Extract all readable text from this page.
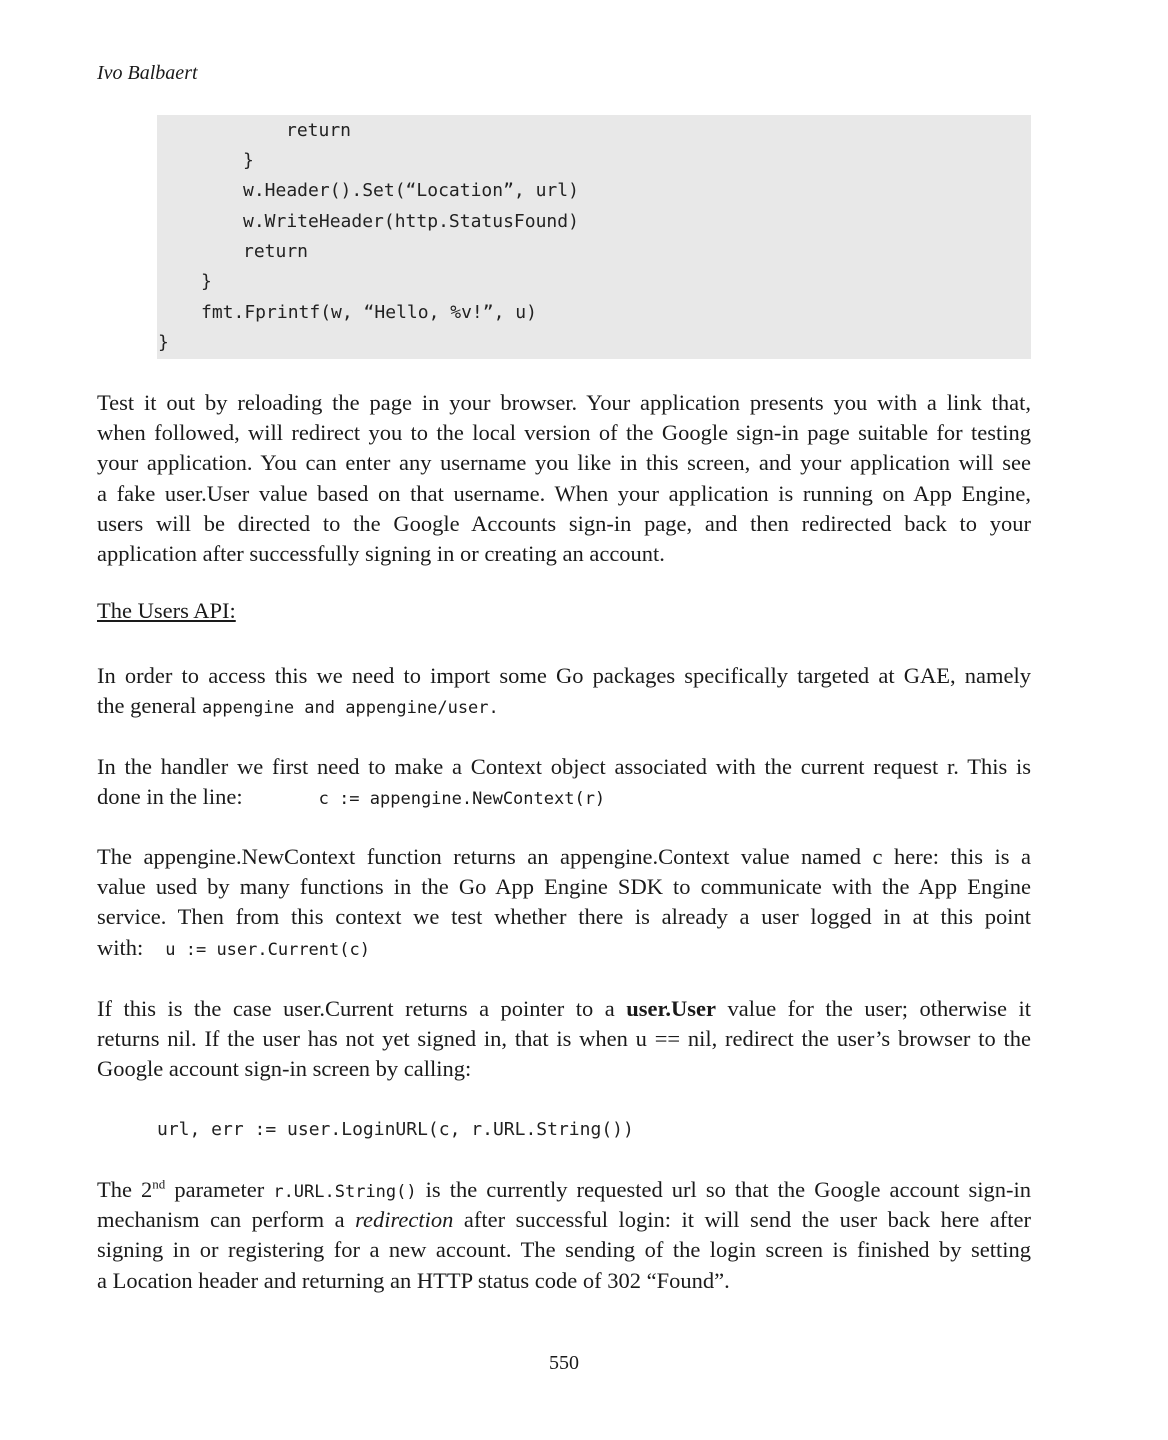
Ivo Balbaert
return
}
w.Header().Set(“Location”, url)
w.WriteHeader(http.StatusFound)
return
}
fmt.Fprintf(w, “Hello, %v!”, u)
}
Test it out by reloading the page in your browser. Your application presents you with a link that,
when followed, will redirect you to the local version of the Google sign-in page suitable for testing
your application. You can enter any username you like in this screen, and your application will see
a fake user.User value based on that username. When your application is running on App Engine,
users will be directed to the Google Accounts sign-in page, and then redirected back to your
application after successfully signing in or creating an account.
The Users API:
In order to access this we need to import some Go packages specifically targeted at GAE, namely
the general appengine and appengine/user.
In the handler we first need to make a Context object associated with the current request r. This is
done in the line:	c := appengine.NewContext(r)
The appengine.NewContext function returns an appengine.Context value named c here: this is a
value used by many functions in the Go App Engine SDK to communicate with the App Engine
service. Then from this context we test whether there is already a user logged in at this point
with: u := user.Current(c)
If this is the case user.Current returns a pointer to a user.User value for the user; otherwise it
returns nil. If the user has not yet signed in, that is when u == nil, redirect the user’s browser to the
Google account sign-in screen by calling:
url, err := user.LoginURL(c, r.URL.String())
The 2nd parameter r.URL.String() is the currently requested url so that the Google account sign-in
mechanism can perform a redirection after successful login: it will send the user back here after
signing in or registering for a new account. The sending of the login screen is finished by setting
a Location header and returning an HTTP status code of 302 “Found”.
550
